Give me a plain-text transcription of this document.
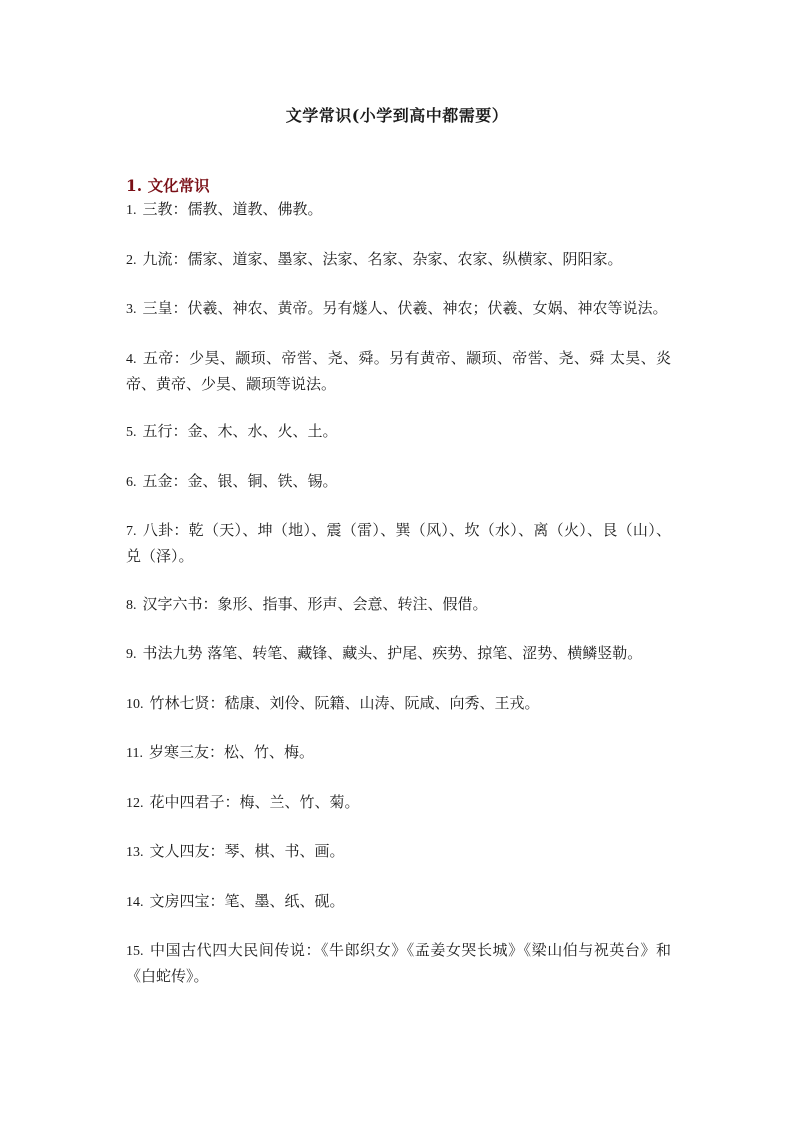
文学常识(小学到高中都需要）
1. 文化常识
1. 三教：儒教、道教、佛教。
2. 九流：儒家、道家、墨家、法家、名家、杂家、农家、纵横家、阴阳家。
3. 三皇：伏羲、神农、黄帝。另有燧人、伏羲、神农；伏羲、女娲、神农等说法。
4. 五帝：少昊、颛顼、帝喾、尧、舜。另有黄帝、颛顼、帝喾、尧、舜 太昊、炎帝、黄帝、少昊、颛顼等说法。
5. 五行：金、木、水、火、土。
6. 五金：金、银、铜、铁、锡。
7. 八卦：乾（天）、坤（地）、震（雷）、巽（风）、坎（水）、离（火）、艮（山）、兑（泽）。
8. 汉字六书：象形、指事、形声、会意、转注、假借。
9. 书法九势 落笔、转笔、藏锋、藏头、护尾、疾势、掠笔、涩势、横鳞竖勒。
10. 竹林七贤：嵇康、刘伶、阮籍、山涛、阮咸、向秀、王戎。
11. 岁寒三友：松、竹、梅。
12. 花中四君子：梅、兰、竹、菊。
13. 文人四友：琴、棋、书、画。
14. 文房四宝：笔、墨、纸、砚。
15. 中国古代四大民间传说：《牛郎织女》《孟姜女哭长城》《梁山伯与祝英台》和《白蛇传》。
